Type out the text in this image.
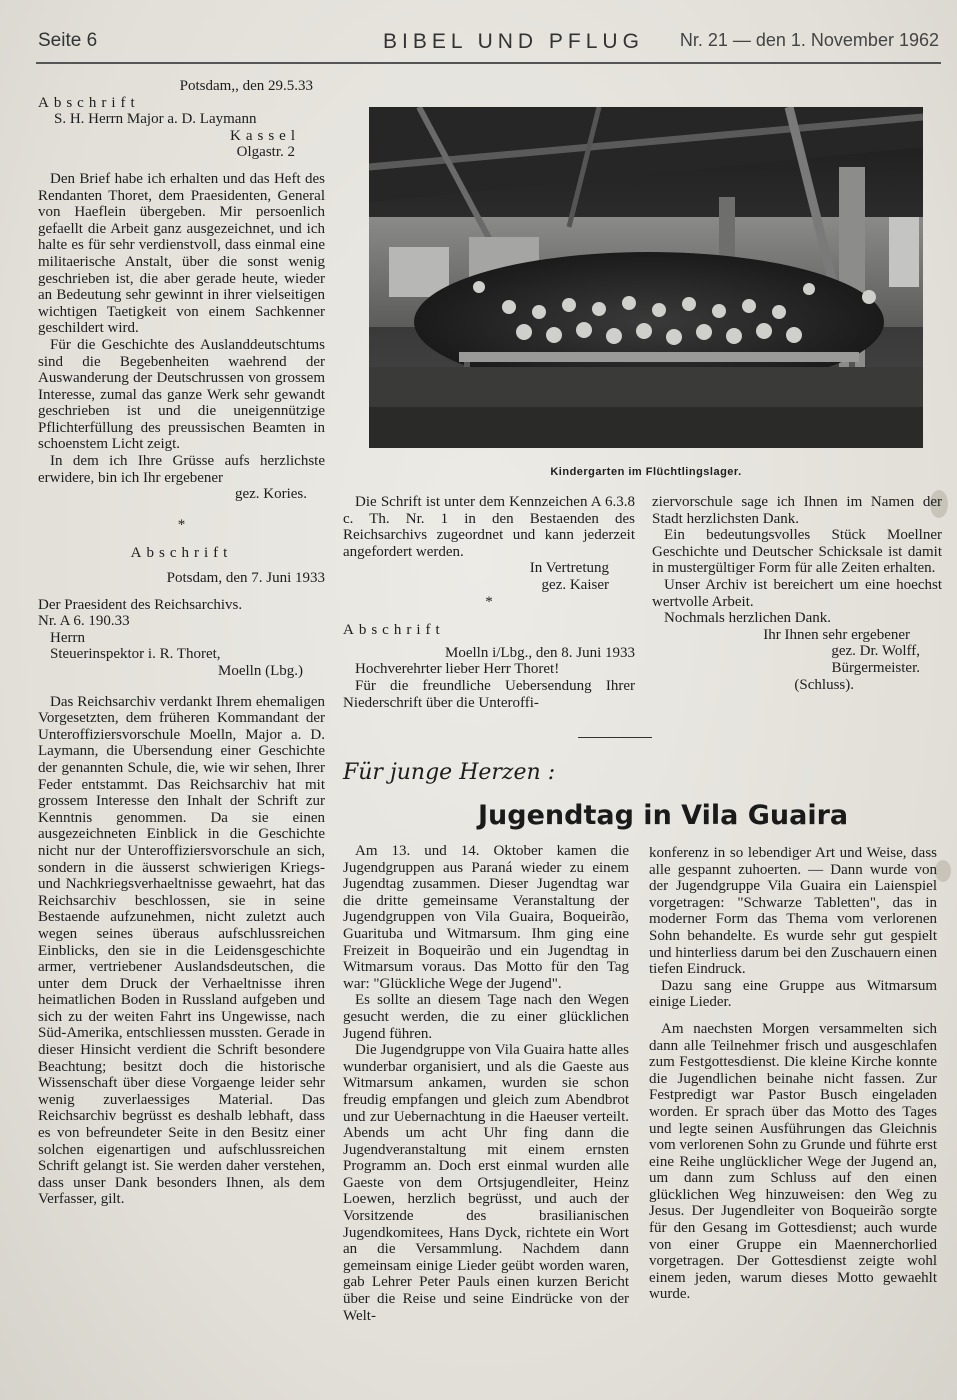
Seite 6	BIBEL UND PFLUG Nr. 21 — den 1. November 1962
Potsdam,, den 29.5.33
Abschrift
S. H. Herrn Major a. D. Laymann
Kassel
Olgastr. 2

Den Brief habe ich erhalten und das Heft des Rendanten Thoret, dem Praesidenten, General von Haeflein übergeben. Mir persoenlich gefaellt die Arbeit ganz ausgezeichnet, und ich halte es für sehr verdienstvoll, dass einmal eine militaerische Anstalt, über die sonst wenig geschrieben ist, die aber gerade heute, wieder an Bedeutung sehr gewinnt in ihrer vielseitigen wichtigen Taetigkeit von einem Sachkenner geschildert wird.

Für die Geschichte des Auslanddeutschtums sind die Begebenheiten waehrend der Auswanderung der Deutschrussen von grossem Interesse, zumal das ganze Werk sehr gewandt geschrieben ist und die uneigennützige Pflichterfüllung des preussischen Beamten in schoenstem Licht zeigt.

In dem ich Ihre Grüsse aufs herzlichste erwidere, bin ich Ihr ergebener

gez. Kories.
*
Abschrift
Potsdam, den 7. Juni 1933
Der Praesident des Reichsarchivs.
Nr. A 6. 190.33
Herrn
Steuerinspektor i. R. Thoret,
Moelln (Lbg.)

Das Reichsarchiv verdankt Ihrem ehemaligen Vorgesetzten, dem früheren Kommandant der Unteroffiziersvorschule Moelln, Major a. D. Laymann, die Ubersendung einer Geschichte der genannten Schule, die, wie wir sehen, Ihrer Feder entstammt. Das Reichsarchiv hat mit grossem Interesse den Inhalt der Schrift zur Kenntnis genommen. Da sie einen ausgezeichneten Einblick in die Geschichte nicht nur der Unteroffiziersvorschule an sich, sondern in die äusserst schwierigen Kriegs- und Nachkriegsverhaeltnisse gewaehrt, hat das Reichsarchiv beschlossen, sie in seine Bestaende aufzunehmen, nicht zuletzt auch wegen seines überaus aufschlussreichen Einblicks, den sie in die Leidensgeschichte armer, vertriebener Auslandsdeutschen, die unter dem Druck der Verhaeltnisse ihren heimatlichen Boden in Russland aufgeben und sich zu der weiten Fahrt ins Ungewisse, nach Süd-Amerika, entschliessen mussten. Gerade in dieser Hinsicht verdient die Schrift besondere Beachtung; besitzt doch die historische Wissenschaft über diese Vorgaenge leider sehr wenig zuverlaessiges Material. Das Reichsarchiv begrüsst es deshalb lebhaft, dass es von befreundeter Seite in den Besitz einer solchen eigenartigen und aufschlussreichen Schrift gelangt ist. Sie werden daher verstehen, dass unser Dank besonders Ihnen, als dem Verfasser, gilt.

Kindergarten im Flüchtlingslager.

Die Schrift ist unter dem Kennzeichen A 6.3.8 c. Th. Nr. 1 in den Bestaenden des Reichsarchivs zugeordnet und kann jederzeit angefordert werden.

In Vertretung
gez. Kaiser
*
Abschrift
Moelln i/Lbg., den 8. Juni 1933
Hochverehrter lieber Herr Thoret!

Für die freundliche Uebersendung Ihrer Niederschrift über die Unteroffi-

ziervorschule sage ich Ihnen im Namen der Stadt herzlichsten Dank.

Ein bedeutungsvolles Stück Moellner Geschichte und Deutscher Schicksale ist damit in mustergültiger Form für alle Zeiten erhalten.

Unser Archiv ist bereichert um eine hoechst wertvolle Arbeit.

Nochmals herzlichen Dank.

Ihr Ihnen sehr ergebener
gez. Dr. Wolff,
Bürgermeister.
(Schluss).
Für junge Herzen :
Jugendtag in Vila Guaira

Am 13. und 14. Oktober kamen die Jugendgruppen aus Paraná wieder zu einem Jugendtag zusammen. Dieser Jugendtag war die dritte gemeinsame Veranstaltung der Jugendgruppen von Vila Guaira, Boqueirão, Guarituba und Witmarsum. Ihm ging eine Freizeit in Boqueirão und ein Jugendtag in Witmarsum voraus. Das Motto für den Tag war: "Glückliche Wege der Jugend".

Es sollte an diesem Tage nach den Wegen gesucht werden, die zu einer glücklichen Jugend führen.

Die Jugendgruppe von Vila Guaira hatte alles wunderbar organisiert, und als die Gaeste aus Witmarsum ankamen, wurden sie schon freudig empfangen und gleich zum Abendbrot und zur Uebernachtung in die Haeuser verteilt. Abends um acht Uhr fing dann die Jugendveranstaltung mit einem ernsten Programm an. Doch erst einmal wurden alle Gaeste von dem Ortsjugendleiter, Heinz Loewen, herzlich begrüsst, und auch der Vorsitzende des brasilianischen Jugendkomitees, Hans Dyck, richtete ein Wort an die Versammlung. Nachdem dann gemeinsam einige Lieder geübt worden waren, gab Lehrer Peter Pauls einen kurzen Bericht über die Reise und seine Eindrücke von der Welt-

konferenz in so lebendiger Art und Weise, dass alle gespannt zuhoerten. — Dann wurde von der Jugendgruppe Vila Guaira ein Laienspiel vorgetragen: "Schwarze Tabletten", das in moderner Form das Thema vom verlorenen Sohn behandelte. Es wurde sehr gut gespielt und hinterliess darum bei den Zuschauern einen tiefen Eindruck.

Dazu sang eine Gruppe aus Witmarsum einige Lieder.

Am naechsten Morgen versammelten sich dann alle Teilnehmer frisch und ausgeschlafen zum Festgottesdienst. Die kleine Kirche konnte die Jugendlichen beinahe nicht fassen. Zur Festpredigt war Pastor Busch eingeladen worden. Er sprach über das Motto des Tages und legte seinen Ausführungen das Gleichnis vom verlorenen Sohn zu Grunde und führte erst eine Reihe unglücklicher Wege der Jugend an, um dann zum Schluss auf den einen glücklichen Weg hinzuweisen: den Weg zu Jesus. Der Jugendleiter von Boqueirão sorgte für den Gesang im Gottesdienst; auch wurde von einer Gruppe ein Maennerchorlied vorgetragen. Der Gottesdienst zeigte wohl einem jeden, warum dieses Motto gewaehlt wurde.
